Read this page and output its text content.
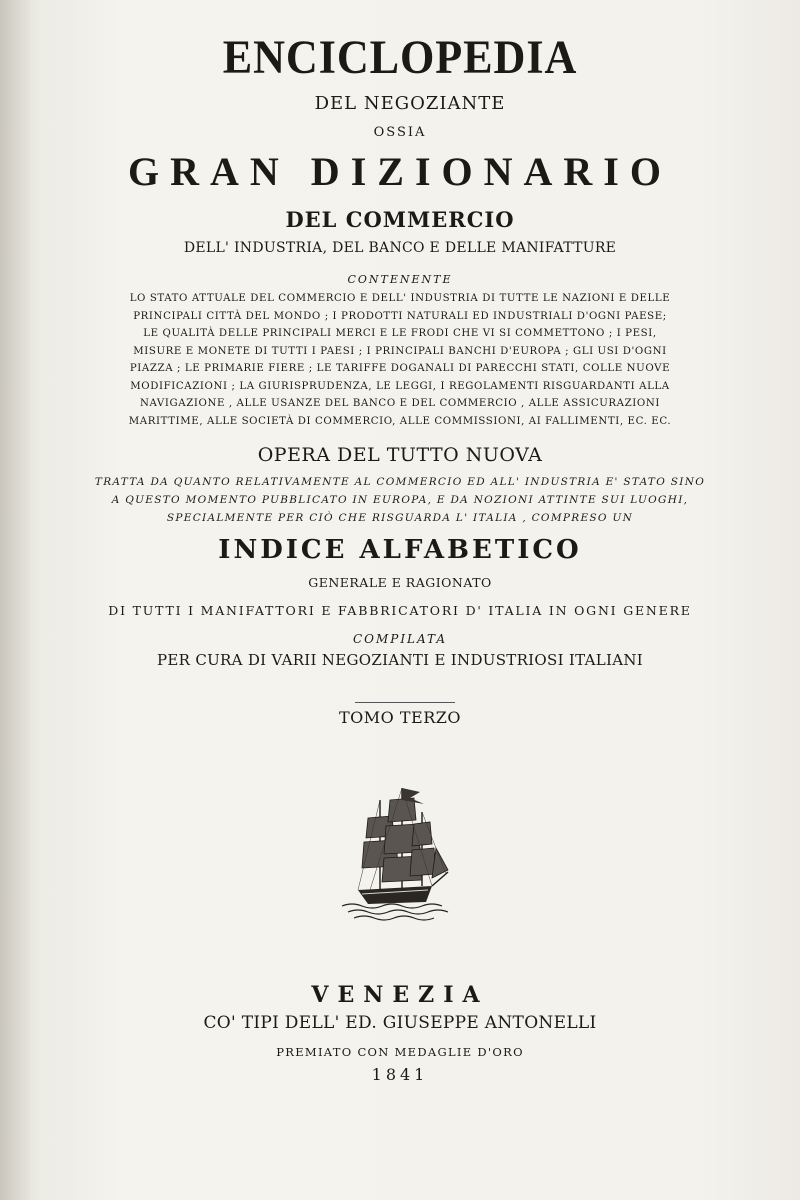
ENCICLOPEDIA
DEL NEGOZIANTE
OSSIA
GRAN DIZIONARIO
DEL COMMERCIO
DELL' INDUSTRIA, DEL BANCO E DELLE MANIFATTURE
CONTENENTE
LO STATO ATTUALE DEL COMMERCIO E DELL' INDUSTRIA DI TUTTE LE NAZIONI E DELLE
PRINCIPALI CITTÀ DEL MONDO ; I PRODOTTI NATURALI ED INDUSTRIALI D'OGNI PAESE;
LE QUALITÀ DELLE PRINCIPALI MERCI E LE FRODI CHE VI SI COMMETTONO ; I PESI,
MISURE E MONETE DI TUTTI I PAESI ; I PRINCIPALI BANCHI D'EUROPA ; GLI USI D'OGNI
PIAZZA ; LE PRIMARIE FIERE ; LE TARIFFE DOGANALI DI PARECCHI STATI, COLLE NUOVE
MODIFICAZIONI ; LA GIURISPRUDENZA, LE LEGGI, I REGOLAMENTI RISGUARDANTI ALLA
NAVIGAZIONE , ALLE USANZE DEL BANCO E DEL COMMERCIO , ALLE ASSICURAZIONI
MARITTIME, ALLE SOCIETÀ DI COMMERCIO, ALLE COMMISSIONI, AI FALLIMENTI, EC. EC.
OPERA DEL TUTTO NUOVA
TRATTA DA QUANTO RELATIVAMENTE AL COMMERCIO ED ALL' INDUSTRIA E' STATO SINO
A QUESTO MOMENTO PUBBLICATO IN EUROPA, E DA NOZIONI ATTINTE SUI LUOGHI,
SPECIALMENTE PER CIÒ CHE RISGUARDA L' ITALIA , COMPRESO UN
INDICE ALFABETICO
GENERALE E RAGIONATO
DI TUTTI I MANIFATTORI E FABBRICATORI D' ITALIA IN OGNI GENERE
COMPILATA
PER CURA DI VARII NEGOZIANTI E INDUSTRIOSI ITALIANI
TOMO TERZO
VENEZIA
CO' TIPI DELL' ED. GIUSEPPE ANTONELLI
PREMIATO CON MEDAGLIE D'ORO
1841
